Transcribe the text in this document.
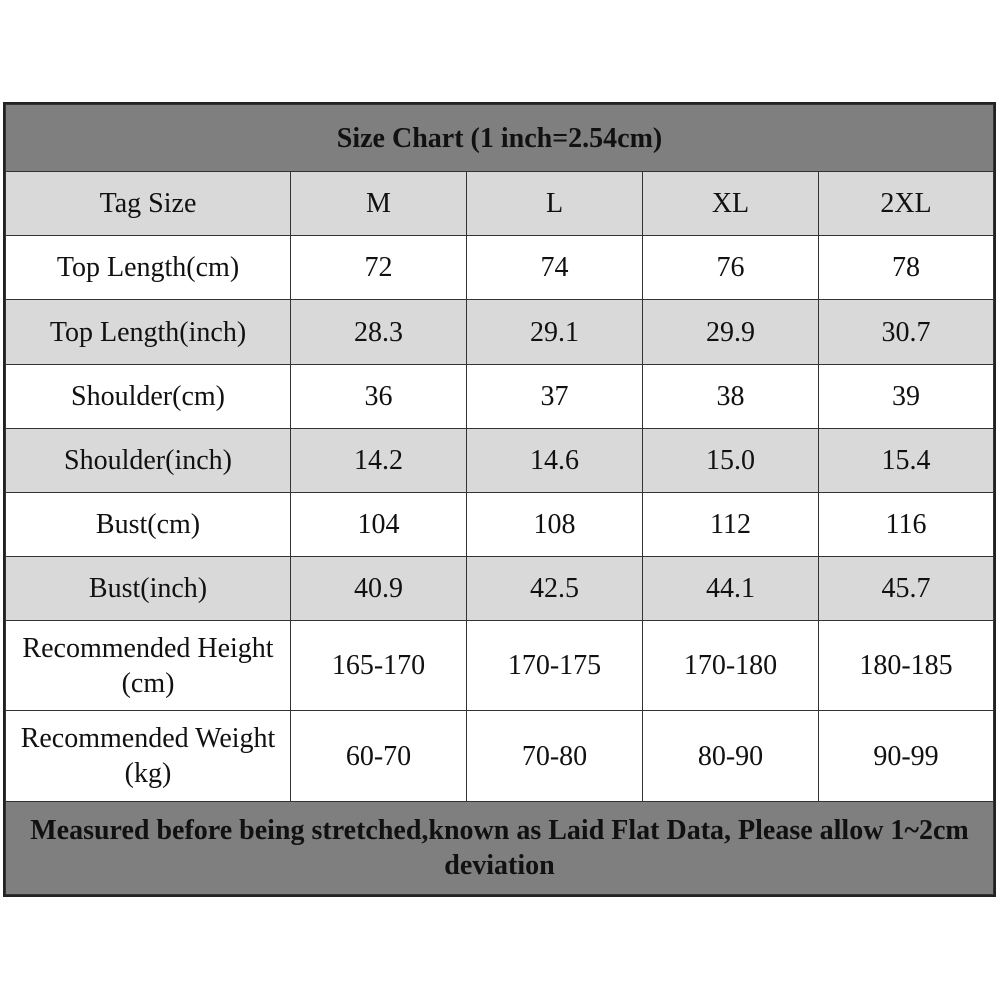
Size Chart (1 inch=2.54cm)				
Tag Size	M	L	XL	2XL
Top Length(cm)	72	74	76	78
Top Length(inch)	28.3	29.1	29.9	30.7
Shoulder(cm)	36	37	38	39
Shoulder(inch)	14.2	14.6	15.0	15.4
Bust(cm)	104	108	112	116
Bust(inch)	40.9	42.5	44.1	45.7
Recommended Height (cm)	165-170	170-175	170-180	180-185
Recommended Weight (kg)	60-70	70-80	80-90	90-99
Measured before being stretched,known as Laid Flat Data, Please allow 1~2cm deviation				
